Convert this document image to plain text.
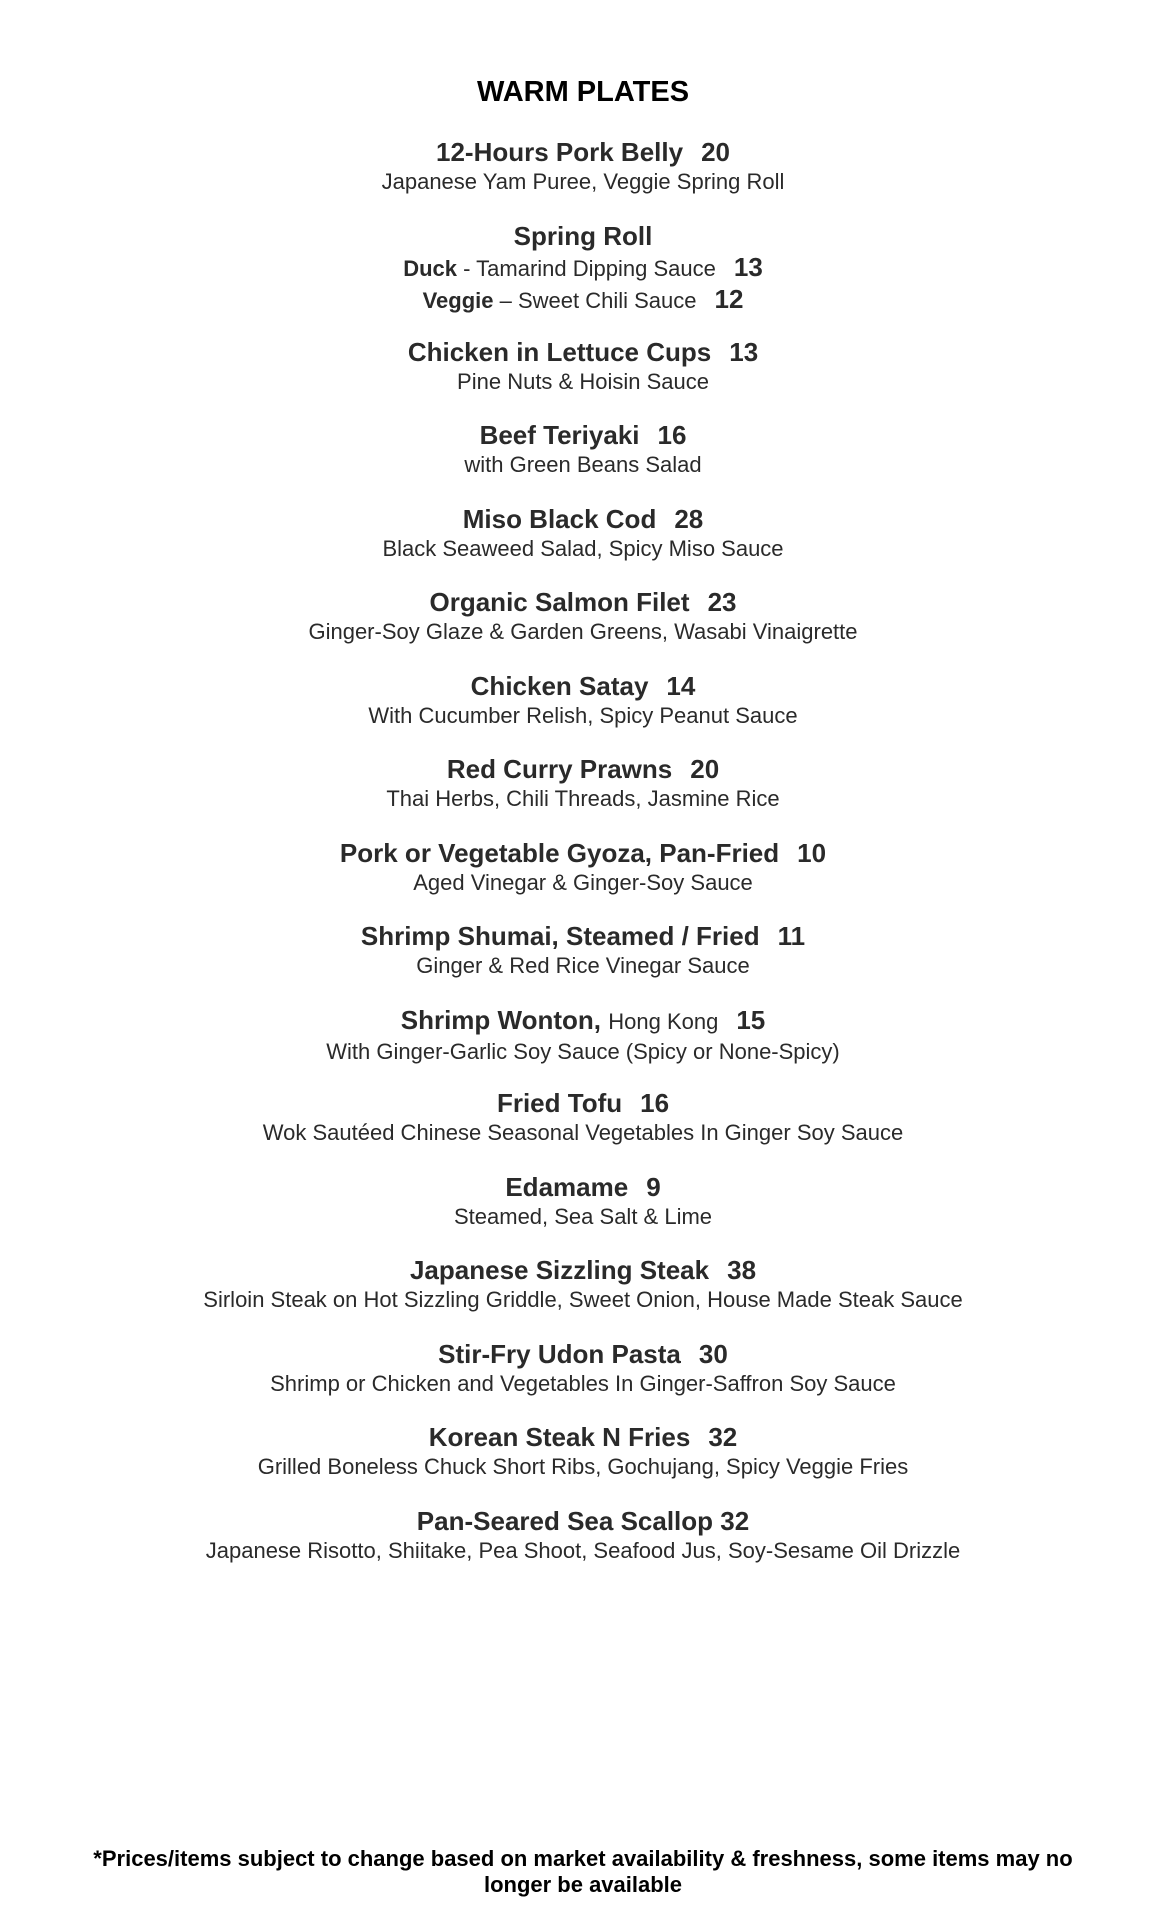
WARM PLATES
12-Hours Pork Belly 20
Japanese Yam Puree, Veggie Spring Roll
Spring Roll
Duck - Tamarind Dipping Sauce 13
Veggie – Sweet Chili Sauce 12
Chicken in Lettuce Cups 13
Pine Nuts & Hoisin Sauce
Beef Teriyaki 16
with Green Beans Salad
Miso Black Cod 28
Black Seaweed Salad, Spicy Miso Sauce
Organic Salmon Filet 23
Ginger-Soy Glaze & Garden Greens, Wasabi Vinaigrette
Chicken Satay 14
With Cucumber Relish, Spicy Peanut Sauce
Red Curry Prawns 20
Thai Herbs, Chili Threads, Jasmine Rice
Pork or Vegetable Gyoza, Pan-Fried 10
Aged Vinegar & Ginger-Soy Sauce
Shrimp Shumai, Steamed / Fried 11
Ginger & Red Rice Vinegar Sauce
Shrimp Wonton, Hong Kong 15
With Ginger-Garlic Soy Sauce (Spicy or None-Spicy)
Fried Tofu 16
Wok Sautéed Chinese Seasonal Vegetables In Ginger Soy Sauce
Edamame 9
Steamed, Sea Salt & Lime
Japanese Sizzling Steak 38
Sirloin Steak on Hot Sizzling Griddle, Sweet Onion, House Made Steak Sauce
Stir-Fry Udon Pasta 30
Shrimp or Chicken and Vegetables In Ginger-Saffron Soy Sauce
Korean Steak N Fries 32
Grilled Boneless Chuck Short Ribs, Gochujang, Spicy Veggie Fries
Pan-Seared Sea Scallop 32
Japanese Risotto, Shiitake, Pea Shoot, Seafood Jus, Soy-Sesame Oil Drizzle
*Prices/items subject to change based on market availability & freshness, some items may no longer be available
